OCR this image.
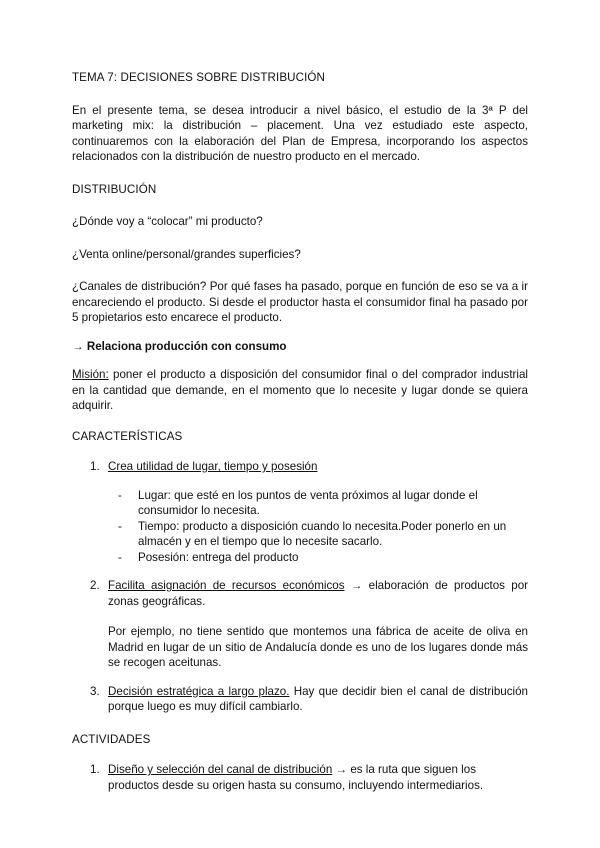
TEMA 7: DECISIONES SOBRE DISTRIBUCIÓN

En el presente tema, se desea introducir a nivel básico, el estudio de la 3ª P del marketing mix: la distribución – placement. Una vez estudiado este aspecto, continuaremos con la elaboración del Plan de Empresa, incorporando los aspectos relacionados con la distribución de nuestro producto en el mercado.

DISTRIBUCIÓN

¿Dónde voy a “colocar” mi producto?

¿Venta online/personal/grandes superficies?

¿Canales de distribución? Por qué fases ha pasado, porque en función de eso se va a ir encareciendo el producto. Si desde el productor hasta el consumidor final ha pasado por 5 propietarios esto encarece el producto.

→ Relaciona producción con consumo

Misión: poner el producto a disposición del consumidor final o del comprador industrial en la cantidad que demande, en el momento que lo necesite y lugar donde se quiera adquirir.

CARACTERÍSTICAS

1. Crea utilidad de lugar, tiempo y posesión

- Lugar: que esté en los puntos de venta próximos al lugar donde el consumidor lo necesita.

- Tiempo: producto a disposición cuando lo necesita.Poder ponerlo en un almacén y en el tiempo que lo necesite sacarlo.

- Posesión: entrega del producto

2. Facilita asignación de recursos económicos → elaboración de productos por zonas geográficas.

Por ejemplo, no tiene sentido que montemos una fábrica de aceite de oliva en Madrid en lugar de un sitio de Andalucía donde es uno de los lugares donde más se recogen aceitunas.

3. Decisión estratégica a largo plazo. Hay que decidir bien el canal de distribución porque luego es muy difícil cambiarlo.

ACTIVIDADES

1. Diseño y selección del canal de distribución → es la ruta que siguen los productos desde su origen hasta su consumo, incluyendo intermediarios.
